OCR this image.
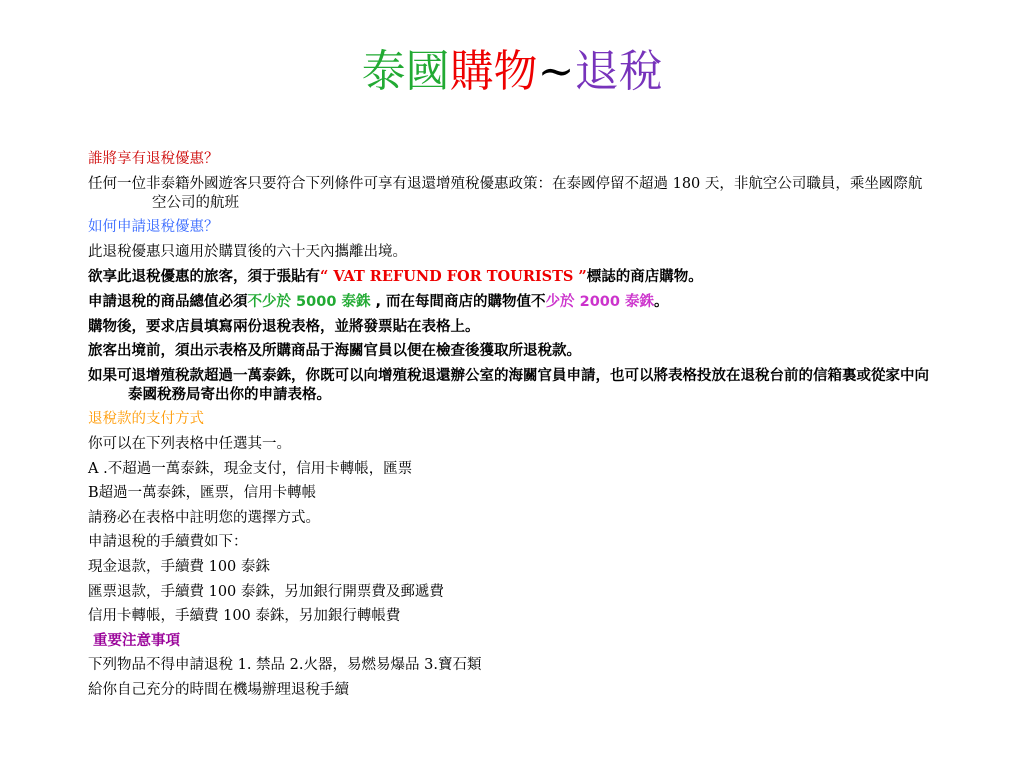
泰國購物~退稅
誰將享有退稅優惠？
任何一位非泰籍外國遊客只要符合下列條件可享有退還增殖稅優惠政策：在泰國停留不超過 180 天，非航空公司職員，乘坐國際航空公司的航班
如何申請退稅優惠？
此退稅優惠只適用於購買後的六十天內攜離出境。
欲享此退稅優惠的旅客，須于張貼有“ VAT REFUND FOR TOURISTS ”標誌的商店購物。
申請退稅的商品總值必須不少於 5000 泰銖 , 而在每間商店的購物值不少於 2000 泰銖。
購物後，要求店員填寫兩份退稅表格，並將發票貼在表格上。
旅客出境前，須出示表格及所購商品于海關官員以便在檢查後獲取所退稅款。
如果可退增殖稅款超過一萬泰銖，你既可以向增殖稅退還辦公室的海關官員申請，也可以將表格投放在退稅台前的信箱裏或從家中向泰國稅務局寄出你的申請表格。
退稅款的支付方式
你可以在下列表格中任選其一。
A .不超過一萬泰銖，現金支付，信用卡轉帳，匯票
B超過一萬泰銖，匯票，信用卡轉帳
請務必在表格中註明您的選擇方式。
申請退稅的手續費如下：
現金退款，手續費 100 泰銖
匯票退款，手續費 100 泰銖，另加銀行開票費及郵遞費
信用卡轉帳，手續費 100 泰銖，另加銀行轉帳費
重要注意事項
下列物品不得申請退稅 1. 禁品 2.火器，易燃易爆品 3.寶石類
給你自己充分的時間在機場辦理退稅手續
